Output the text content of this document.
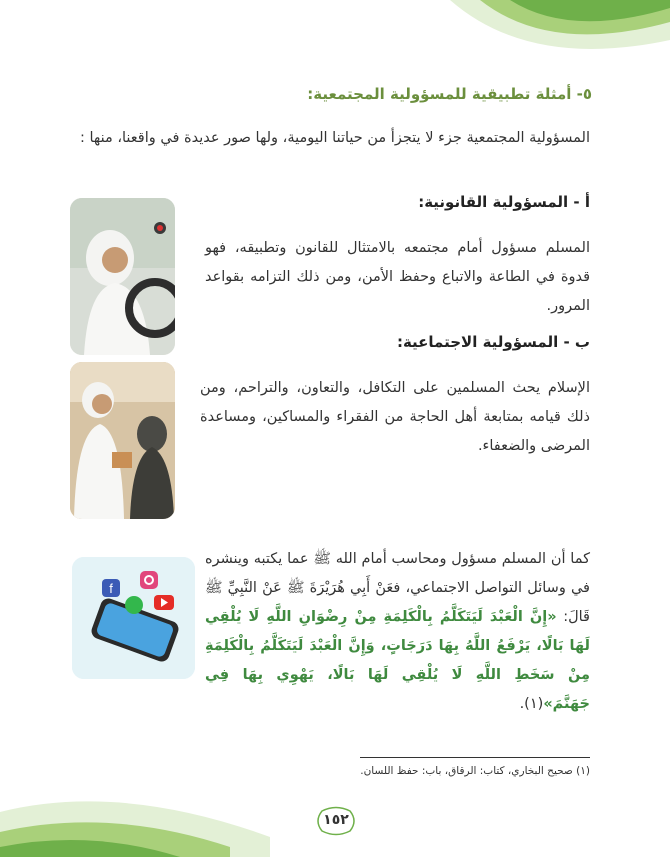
٥- أمثلة تطبيقية للمسؤولية المجتمعية:
المسؤولية المجتمعية جزء لا يتجزأ من حياتنا اليومية، ولها صور عديدة في واقعنا، منها :
أ - المسؤولية القانونية:
المسلم مسؤول أمام مجتمعه بالامتثال للقانون وتطبيقه، فهو قدوة في الطاعة والاتباع وحفظ الأمن، ومن ذلك التزامه بقواعد المرور.
ب - المسؤولية الاجتماعية:
الإسلام يحث المسلمين على التكافل، والتعاون، والتراحم، ومن ذلك قيامه بمتابعة أهل الحاجة من الفقراء والمساكين، ومساعدة المرضى والضعفاء.
كما أن المسلم مسؤول ومحاسب أمام الله ﷺ عما يكتبه وينشره في وسائل التواصل الاجتماعي، فعَنْ أَبِي هُرَيْرَةَ ﷺ عَنْ النَّبِيِّ ﷺ قَالَ: «إِنَّ الْعَبْدَ لَيَتَكَلَّمُ بِالْكَلِمَةِ مِنْ رِضْوَانِ اللَّهِ لَا يُلْقِي لَهَا بَالًا، يَرْفَعُ اللَّهُ بِهَا دَرَجَاتٍ، وَإِنَّ الْعَبْدَ لَيَتَكَلَّمُ بِالْكَلِمَةِ مِنْ سَخَطِ اللَّهِ لَا يُلْقِي لَهَا بَالًا، يَهْوِي بِهَا فِي جَهَنَّمَ»(١).
f
(١) صحيح البخاري، كتاب: الرقاق، باب: حفظ اللسان.
١٥٢
